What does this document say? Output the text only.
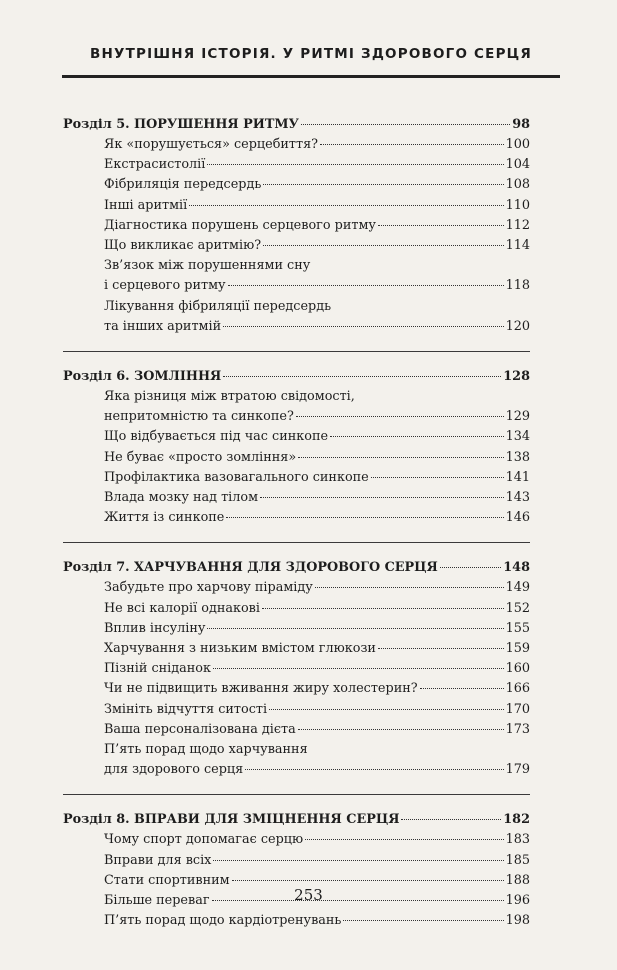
ВНУТРІШНЯ ІСТОРІЯ. У РИТМІ ЗДОРОВОГО СЕРЦЯ
Розділ 5. ПОРУШЕННЯ РИТМУ	98
Як «порушується» серцебиття?	100
Екстрасистолії	104
Фібриляція передсердь	108
Інші аритмії	110
Діагностика порушень серцевого ритму	112
Що викликає аритмію?	114
Зв’язок між порушеннями сну
і серцевого ритму	118
Лікування фібриляції передсердь
та інших аритмій	120
Розділ 6. ЗОМЛІННЯ	128
Яка різниця між втратою свідомості,
непритомністю та синкопе?	129
Що відбувається під час синкопе	134
Не буває «просто зомління»	138
Профілактика вазовагального синкопе	141
Влада мозку над тілом	143
Життя із синкопе	146
Розділ 7. ХАРЧУВАННЯ ДЛЯ ЗДОРОВОГО СЕРЦЯ	148
Забудьте про харчову піраміду	149
Не всі калорії однакові	152
Вплив інсуліну	155
Харчування з низьким вмістом глюкози	159
Пізній сніданок	160
Чи не підвищить вживання жиру холестерин?	166
Змініть відчуття ситості	170
Ваша персоналізована дієта	173
П’ять порад щодо харчування
для здорового серця	179
Розділ 8. ВПРАВИ ДЛЯ ЗМІЦНЕННЯ СЕРЦЯ	182
Чому спорт допомагає серцю	183
Вправи для всіх	185
Стати спортивним	188
Більше переваг	196
П’ять порад щодо кардіотренувань	198
253
